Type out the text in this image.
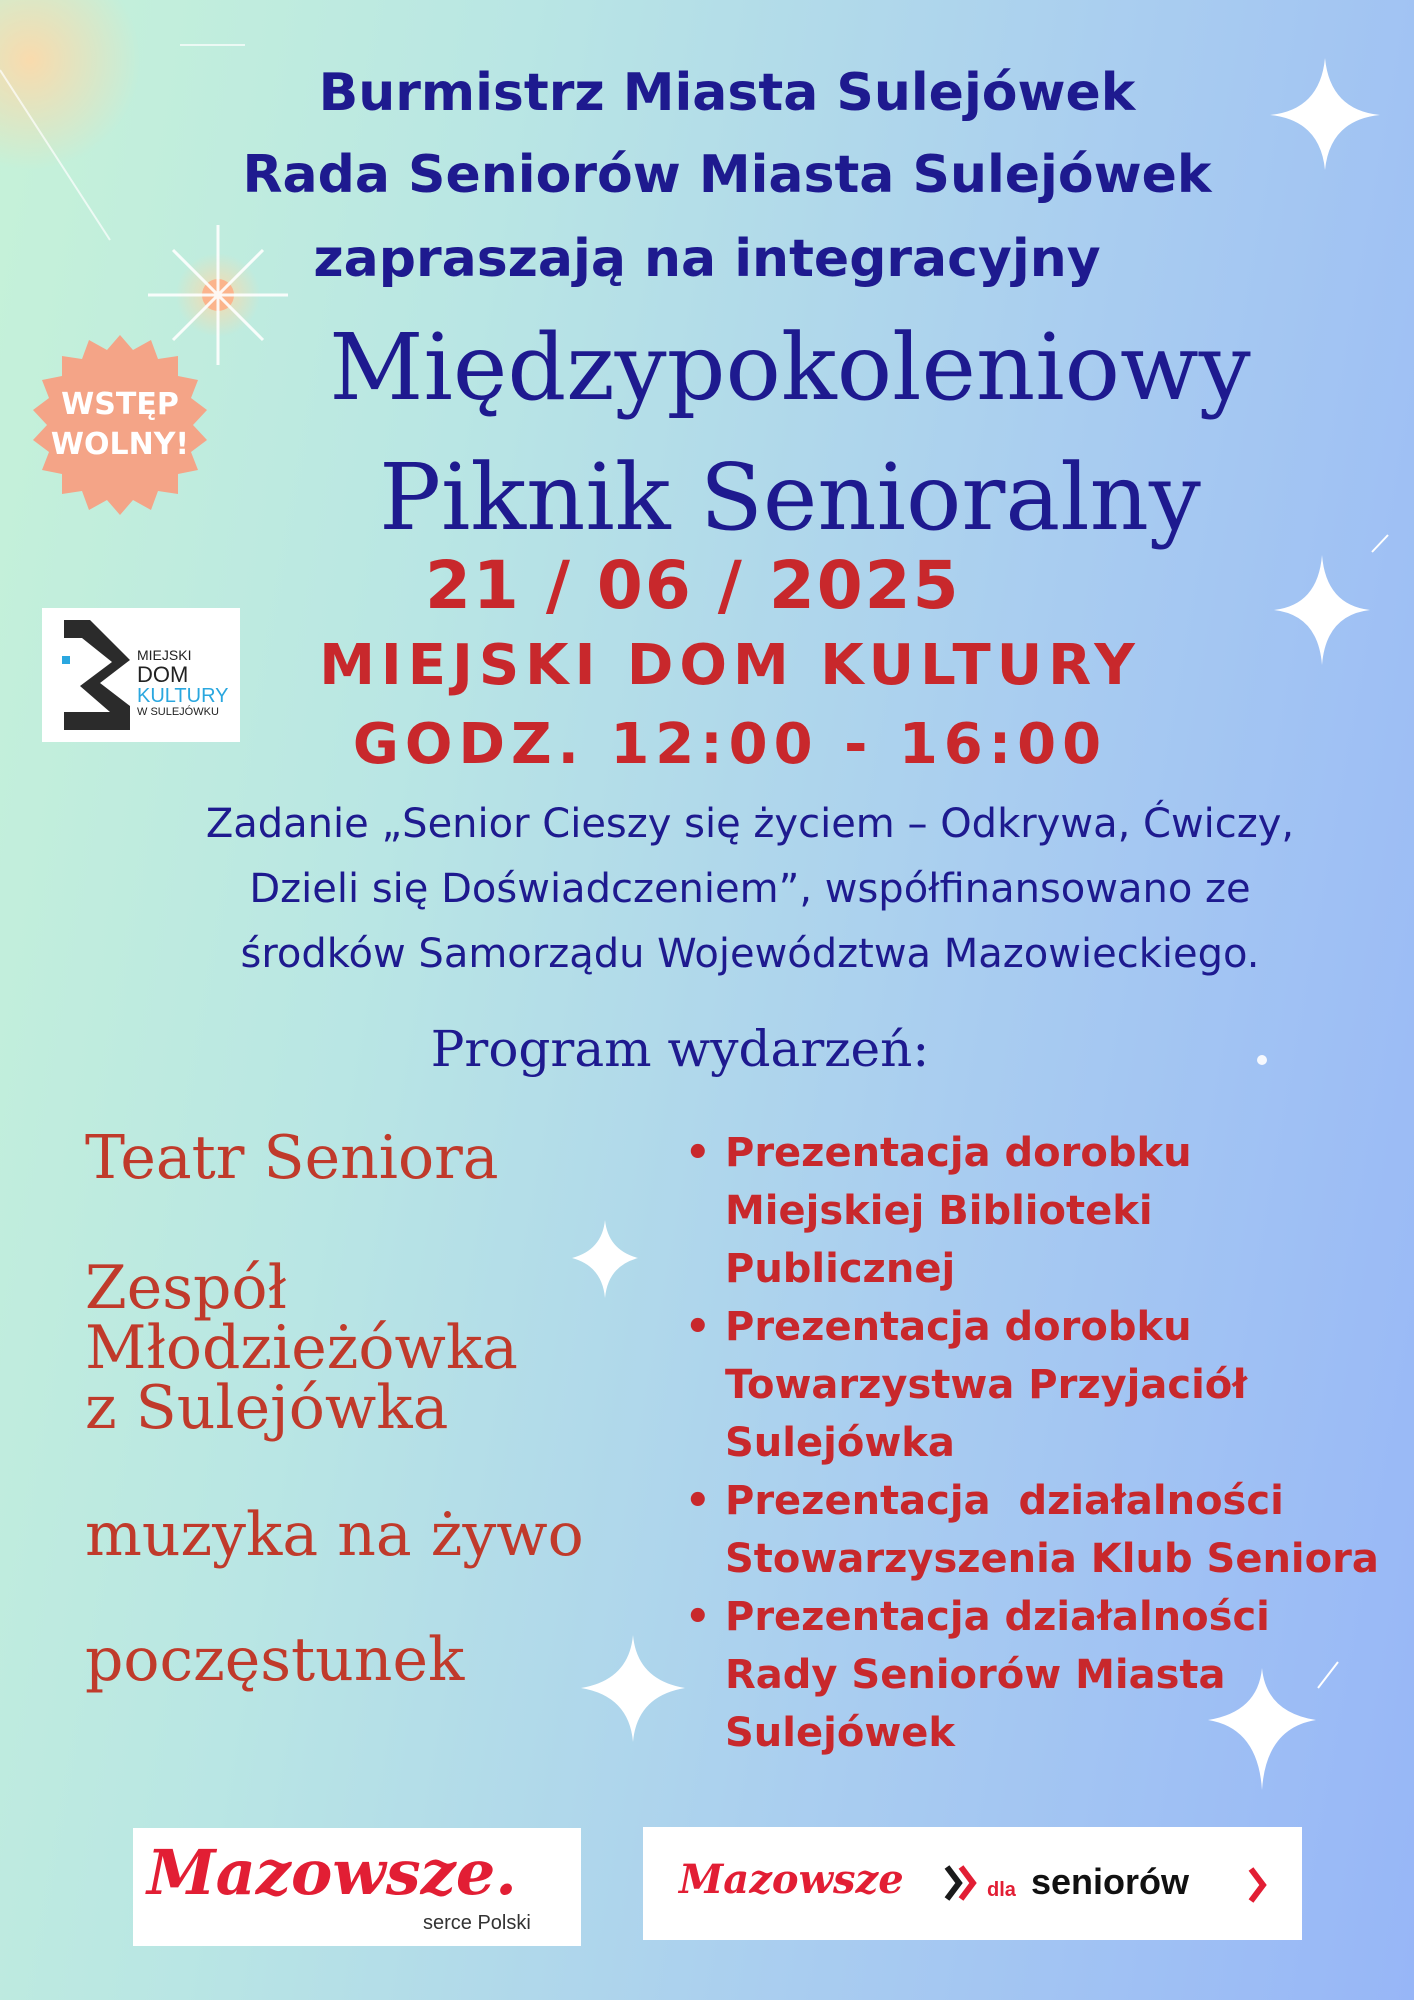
Burmistrz Miasta Sulejówek
Rada Seniorów Miasta Sulejówek
zapraszają na integracyjny
Międzypokoleniowy
Piknik Senioralny
WSTĘP
WOLNY!
21 / 06 / 2025
MIEJSKI DOM KULTURY
GODZ. 12:00 - 16:00
MIEJSKI
DOM
KULTURY
W SULEJÓWKU
Zadanie „Senior Cieszy się życiem – Odkrywa, Ćwiczy,
Dzieli się Doświadczeniem”, współfinansowano ze
środków Samorządu Województwa Mazowieckiego.
Program wydarzeń:
Teatr Seniora
Zespół
Młodzieżówka
z Sulejówka
muzyka na żywo
poczęstunek
• Prezentacja dorobku
Miejskiej Biblioteki
Publicznej
• Prezentacja dorobku
Towarzystwa Przyjaciół
Sulejówka
• Prezentacja  działalności
Stowarzyszenia Klub Seniora
• Prezentacja działalności
Rady Seniorów Miasta
Sulejówek
Mazowsze.
serce Polski
Mazowsze	dla seniorów
